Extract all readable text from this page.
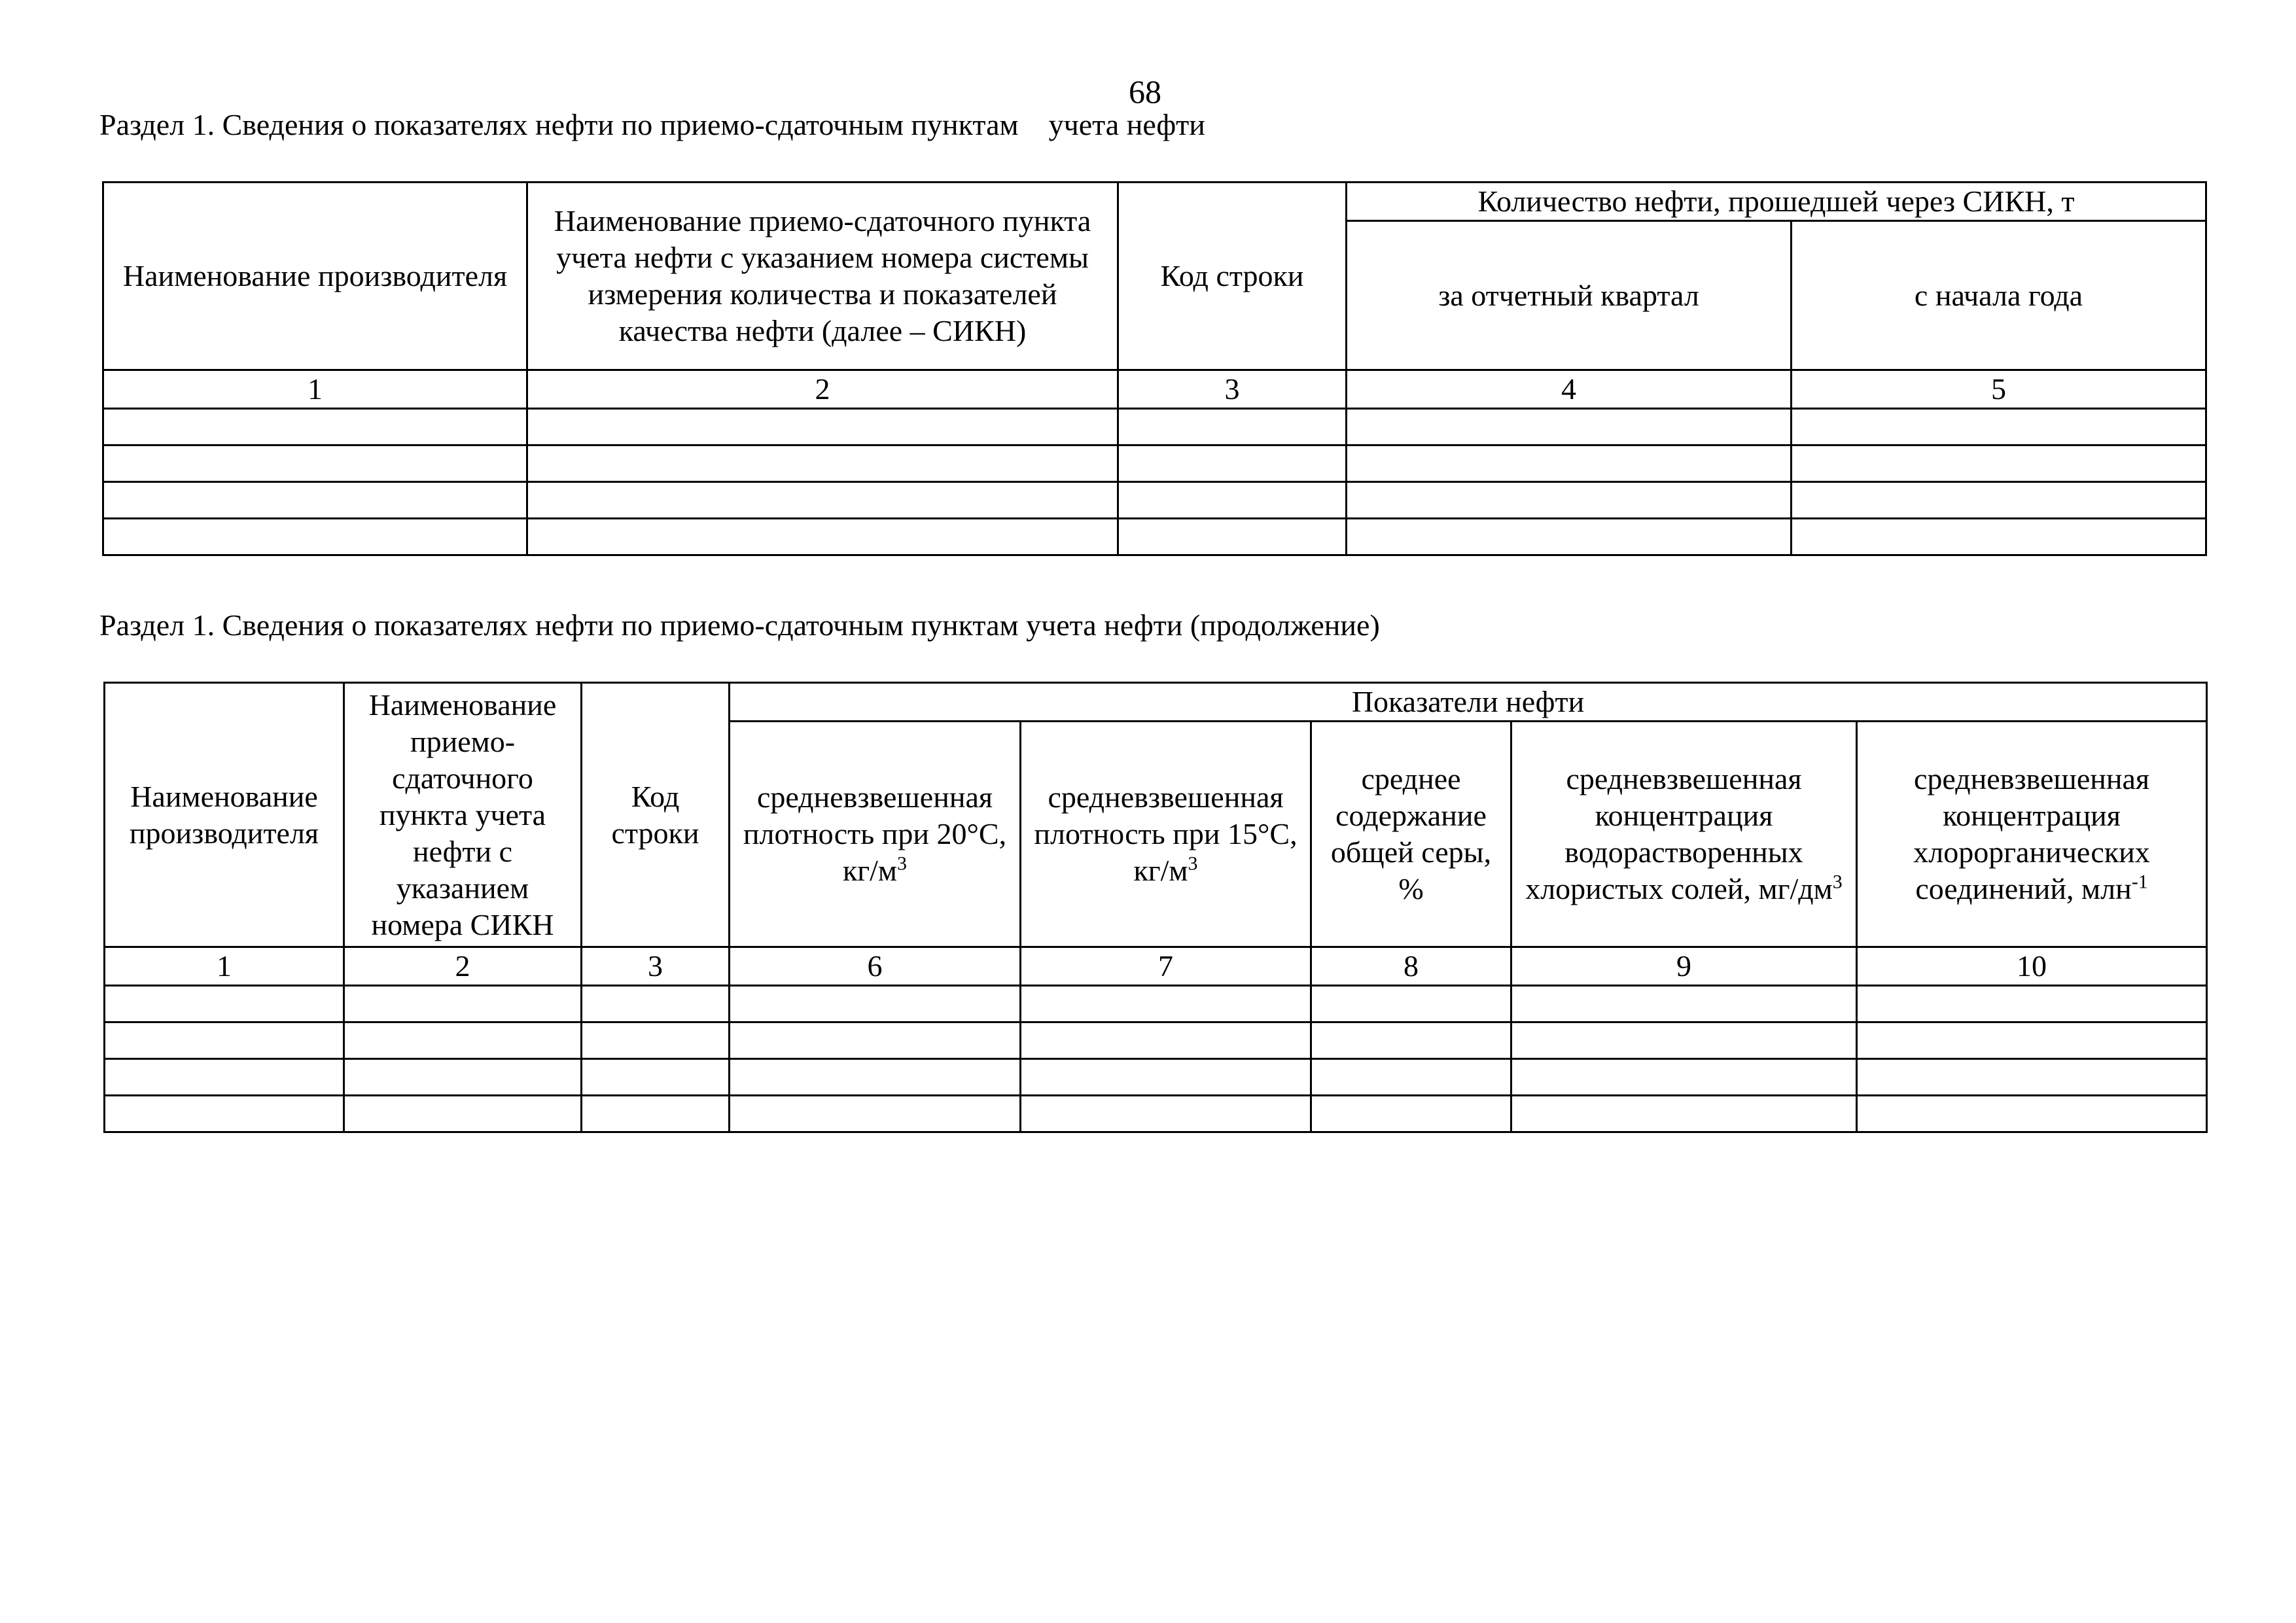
68
Раздел 1. Сведения о показателях нефти по приемо-сдаточным пунктам    учета нефти
Наименование производителя	Наименование приемо-сдаточного пункта учета нефти с указанием номера системы измерения количества и показателей качества нефти (далее – СИКН)	Код строки	Количество нефти, прошедшей через СИКН, т	
			за отчетный квартал	с начала года
1	2	3	4	5

Раздел 1. Сведения о показателях нефти по приемо-сдаточным пунктам учета нефти (продолжение)
Наименование производителя	Наименование приемо-сдаточного пункта учета нефти с указанием номера СИКН	Код строки	Показатели нефти				
			средневзвешенная плотность при 20°С, $кг/м^3$	средневзвешенная плотность при 15°С, $кг/м^3$	среднее содержание общей серы, %	средневзвешенная концентрация водорастворенных хлористых солей, $мг/дм^3$	средневзвешенная концентрация хлорорганических соединений, млн$^{-1}$
1	2	3	6	7	8	9	10
